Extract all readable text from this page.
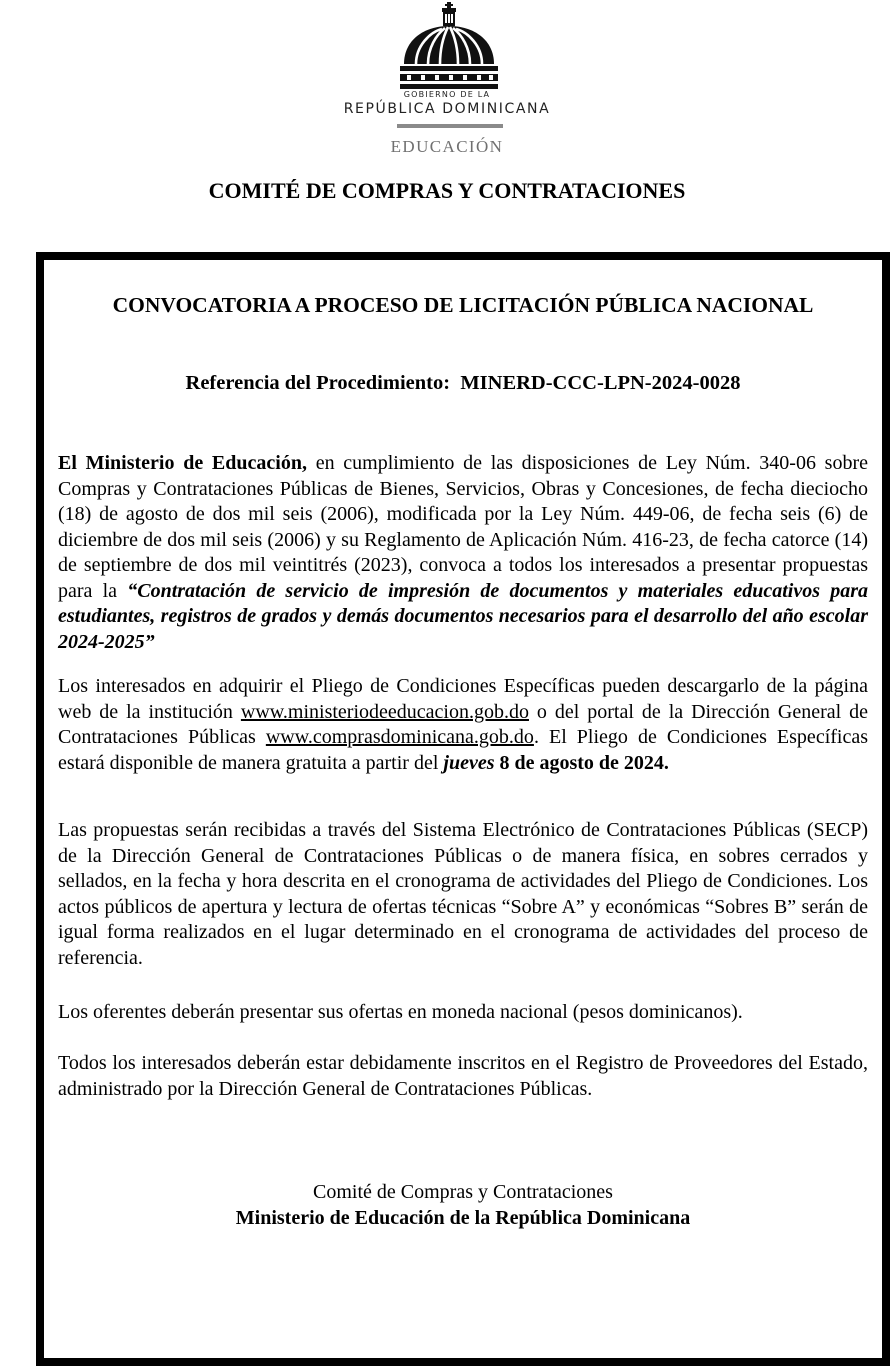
GOBIERNO DE LA
REPÚBLICA DOMINICANA
EDUCACIÓN
COMITÉ DE COMPRAS Y CONTRATACIONES
CONVOCATORIA A PROCESO DE LICITACIÓN PÚBLICA NACIONAL
Referencia del Procedimiento: MINERD-CCC-LPN-2024-0028
El Ministerio de Educación, en cumplimiento de las disposiciones de Ley Núm. 340-06 sobre Compras y Contrataciones Públicas de Bienes, Servicios, Obras y Concesiones, de fecha dieciocho (18) de agosto de dos mil seis (2006), modificada por la Ley Núm. 449-06, de fecha seis (6) de diciembre de dos mil seis (2006) y su Reglamento de Aplicación Núm. 416-23, de fecha catorce (14) de septiembre de dos mil veintitrés (2023), convoca a todos los interesados a presentar propuestas para la “Contratación de servicio de impresión de documentos y materiales educativos para estudiantes, registros de grados y demás documentos necesarios para el desarrollo del año escolar 2024-2025”
Los interesados en adquirir el Pliego de Condiciones Específicas pueden descargarlo de la página web de la institución www.ministeriodeeducacion.gob.do o del portal de la Dirección General de Contrataciones Públicas www.comprasdominicana.gob.do. El Pliego de Condiciones Específicas estará disponible de manera gratuita a partir del jueves 8 de agosto de 2024.
Las propuestas serán recibidas a través del Sistema Electrónico de Contrataciones Públicas (SECP) de la Dirección General de Contrataciones Públicas o de manera física, en sobres cerrados y sellados, en la fecha y hora descrita en el cronograma de actividades del Pliego de Condiciones. Los actos públicos de apertura y lectura de ofertas técnicas “Sobre A” y económicas “Sobres B” serán de igual forma realizados en el lugar determinado en el cronograma de actividades del proceso de referencia.
Los oferentes deberán presentar sus ofertas en moneda nacional (pesos dominicanos).
Todos los interesados deberán estar debidamente inscritos en el Registro de Proveedores del Estado, administrado por la Dirección General de Contrataciones Públicas.
Comité de Compras y Contrataciones
Ministerio de Educación de la República Dominicana
